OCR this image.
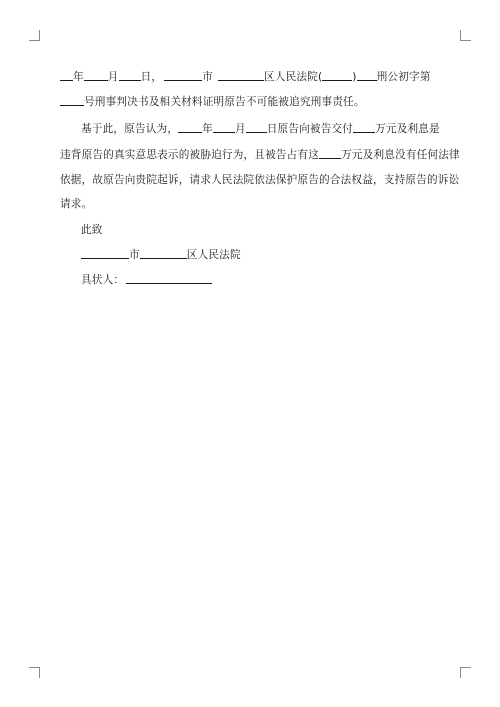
年 月 日，	市	区人民法院(	) 刑公初字第
号刑事判决书及相关材料证明原告不可能被追究刑事责任。
基于此，原告认为， 年 月 日原告向被告交付 万元及利息是
违背原告的真实意思表示的被胁迫行为，且被告占有这 万元及利息没有任何法律
依据，故原告向贵院起诉，请求人民法院依法保护原告的合法权益，支持原告的诉讼
请求。
此致
市	区人民法院
具状人：
